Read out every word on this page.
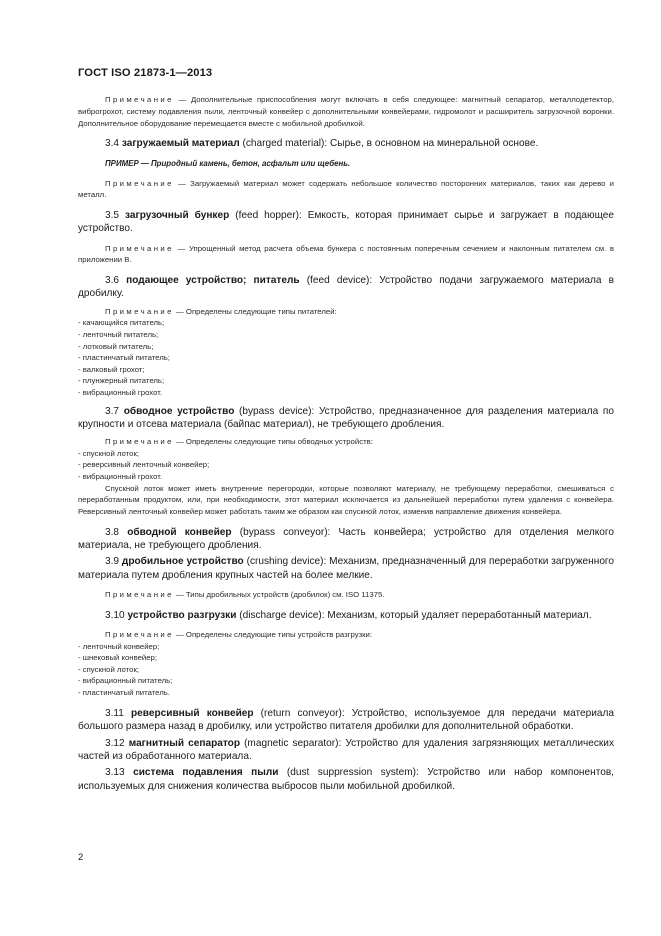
ГОСТ ISO 21873-1—2013

Примечание — Дополнительные приспособления могут включать в себя следующее: магнитный сепаратор, металлодетектор, виброгрохот, систему подавления пыли, ленточный конвейер с дополнительными конвейерами, гидромолот и расширитель загрузочной воронки. Дополнительное оборудование перемещается вместе с мобильной дробилкой.

3.4 загружаемый материал (charged material): Сырье, в основном на минеральной основе.

ПРИМЕР — Природный камень, бетон, асфальт или щебень.

Примечание — Загружаемый материал может содержать небольшое количество посторонних материалов, таких как дерево и металл.

3.5 загрузочный бункер (feed hopper): Емкость, которая принимает сырье и загружает в подающее устройство.

Примечание — Упрощенный метод расчета объема бункера с постоянным поперечным сечением и наклонным питателем см. в приложении В.

3.6 подающее устройство; питатель (feed device): Устройство подачи загружаемого материала в дробилку.

Примечание — Определены следующие типы питателей:

- качающийся питатель;
- ленточный питатель;
- лотковый питатель;
- пластинчатый питатель;
- валковый грохот;
- плунжерный питатель;
- вибрационный грохот.

3.7 обводное устройство (bypass device): Устройство, предназначенное для разделения материала по крупности и отсева материала (байпас материал), не требующего дробления.

Примечание — Определены следующие типы обводных устройств:

- спускной лоток;
- реверсивный ленточный конвейер;
- вибрационный грохот.

Спускной лоток может иметь внутренние перегородки, которые позволяют материалу, не требующему переработки, смешиваться с переработанным продуктом, или, при необходимости, этот материал исключается из дальнейшей переработки путем удаления с конвейера. Реверсивный ленточный конвейер может работать таким же образом как спускной лоток, изменив направление движения конвейера.

3.8 обводной конвейер (bypass conveyor): Часть конвейера; устройство для отделения мелкого материала, не требующего дробления.

3.9 дробильное устройство (crushing device): Механизм, предназначенный для переработки загруженного материала путем дробления крупных частей на более мелкие.

Примечание — Типы дробильных устройств (дробилок) см. ISO 11375.

3.10 устройство разгрузки (discharge device): Механизм, который удаляет переработанный материал.

Примечание — Определены следующие типы устройств разгрузки:

- ленточный конвейер;
- шнековый конвейер;
- спускной лоток;
- вибрационный питатель;
- пластинчатый питатель.

3.11 реверсивный конвейер (return conveyor): Устройство, используемое для передачи материала большого размера назад в дробилку, или устройство питателя дробилки для дополнительной обработки.

3.12 магнитный сепаратор (magnetic separator): Устройство для удаления загрязняющих металлических частей из обработанного материала.

3.13 система подавления пыли (dust suppression system): Устройство или набор компонентов, используемых для снижения количества выбросов пыли мобильной дробилкой.

2
